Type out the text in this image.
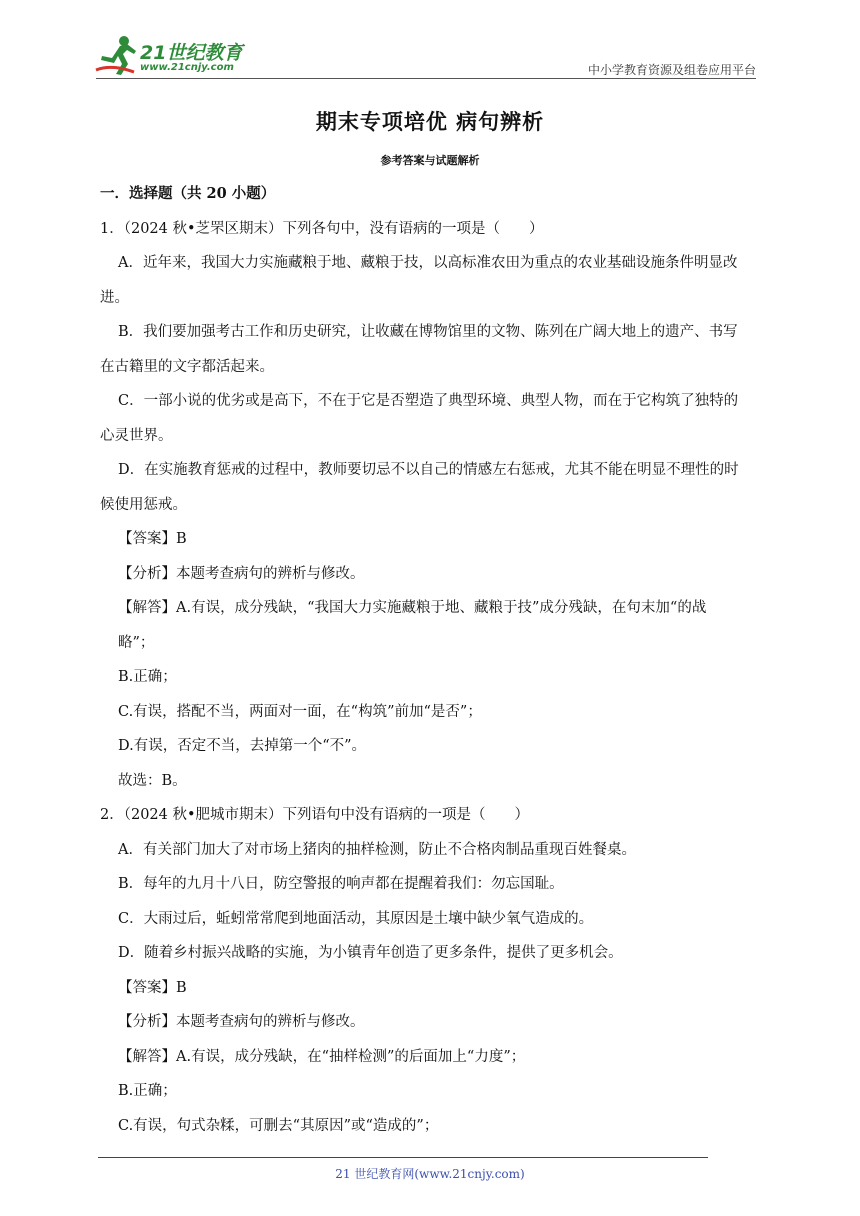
21世纪教育
www.21cnjy.com	中小学教育资源及组卷应用平台
期末专项培优 病句辨析
参考答案与试题解析
一．选择题（共 20 小题）
1．（2024 秋•芝罘区期末）下列各句中，没有语病的一项是（　　）
A．近年来，我国大力实施藏粮于地、藏粮于技，以高标准农田为重点的农业基础设施条件明显改
进。
B．我们要加强考古工作和历史研究，让收藏在博物馆里的文物、陈列在广阔大地上的遗产、书写
在古籍里的文字都活起来。
C．一部小说的优劣或是高下，不在于它是否塑造了典型环境、典型人物，而在于它构筑了独特的
心灵世界。
D．在实施教育惩戒的过程中，教师要切忌不以自己的情感左右惩戒，尤其不能在明显不理性的时
候使用惩戒。
【答案】B
【分析】本题考查病句的辨析与修改。
【解答】A.有误，成分残缺，“我国大力实施藏粮于地、藏粮于技”成分残缺，在句末加“的战
略”；
B.正确；
C.有误，搭配不当，两面对一面，在“构筑”前加“是否”；
D.有误，否定不当，去掉第一个“不”。
故选：B。
2．（2024 秋•肥城市期末）下列语句中没有语病的一项是（　　）
A．有关部门加大了对市场上猪肉的抽样检测，防止不合格肉制品重现百姓餐桌。
B．每年的九月十八日，防空警报的响声都在提醒着我们：勿忘国耻。
C．大雨过后，蚯蚓常常爬到地面活动，其原因是土壤中缺少氧气造成的。
D．随着乡村振兴战略的实施，为小镇青年创造了更多条件，提供了更多机会。
【答案】B
【分析】本题考查病句的辨析与修改。
【解答】A.有误，成分残缺，在“抽样检测”的后面加上“力度”；
B.正确；
C.有误，句式杂糅，可删去“其原因”或“造成的”；
21 世纪教育网(www.21cnjy.com)
